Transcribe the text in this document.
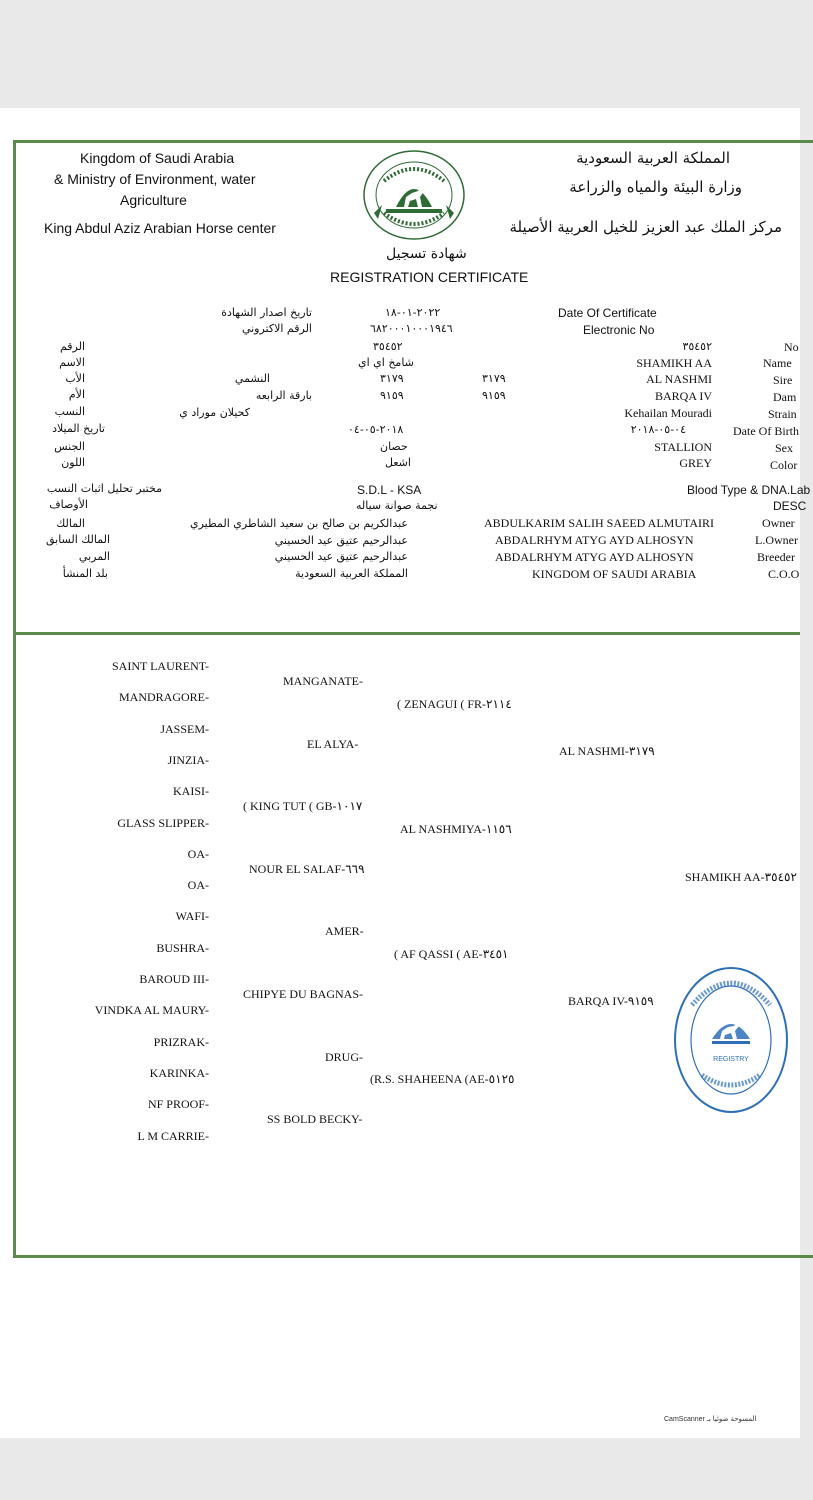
Kingdom of Saudi Arabia
& Ministry of Environment, water
Agriculture
King Abdul Aziz Arabian Horse center
المملكة العربية السعودية
وزارة البيئة والمياه والزراعة
مركز الملك عبد العزيز للخيل العربية الأصيلة
شهادة تسجيل
REGISTRATION CERTIFICATE
الرقم
الاسم
الأب
الأم
النسب
تاريخ الميلاد
الجنس
اللون
مختبر تحليل اثبات النسب
الأوصاف
المالك
المالك السابق
المربي
بلد المنشأ
تاريخ اصدار الشهادة
الرقم الاكتروني
بارقة الرابعه
النشمي
كحيلان موراد ي
٢٠٢٢-٠١-١٨
٦٨٢٠٠٠١٠٠٠١٩٤٦
٣٥٤٥٢
شامخ اي اي
٣١٧٩
٩١٥٩
٢٠١٨-٠٥-٠٤
حصان
اشعل
S.D.L - KSA
نجمة صوانة سياله
عبدالكريم بن صالح بن سعيد الشاطري المطيري
عبدالرحيم عتيق عيد الحسيني
عبدالرحيم عتيق عيد الحسيني
المملكة العربية السعودية
٣١٧٩
٩١٥٩
Date Of Certificate
Electronic No
٣٥٤٥٢
SHAMIKH AA
AL NASHMI
BARQA IV
Kehailan Mouradi
٠٤-٠٥-٢٠١٨
STALLION
GREY
ABDULKARIM SALIH SAEED ALMUTAIRI
ABDALRHYM ATYG AYD ALHOSYN
ABDALRHYM ATYG AYD ALHOSYN
KINGDOM OF SAUDI ARABIA
No
Name
Sire
Dam
Strain
Date Of Birth
Sex
Color
Blood Type & DNA.Lab
DESC
Owner
L.Owner
Breeder
C.O.O
SAINT LAURENT-
MANDRAGORE-
JASSEM-
JINZIA-
KAISI-
GLASS SLIPPER-
OA-
OA-
WAFI-
BUSHRA-
BAROUD III-
VINDKA AL MAURY-
PRIZRAK-
KARINKA-
NF PROOF-
L M CARRIE-
MANGANATE-
EL ALYA-
( KING TUT ( GB-١٠١٧
NOUR EL SALAF-٦٦٩
AMER-
CHIPYE DU BAGNAS-
DRUG-
SS BOLD BECKY-
( ZENAGUI ( FR-٢١١٤
AL NASHMIYA-١١٥٦
( AF QASSI ( AE-٣٤٥١
(R.S. SHAHEENA (AE-٥١٢٥
AL NASHMI-٣١٧٩
BARQA IV-٩١٥٩
SHAMIKH AA-٣٥٤٥٢
REGISTRY
CamScanner المسوحة ضوئيا بـ
